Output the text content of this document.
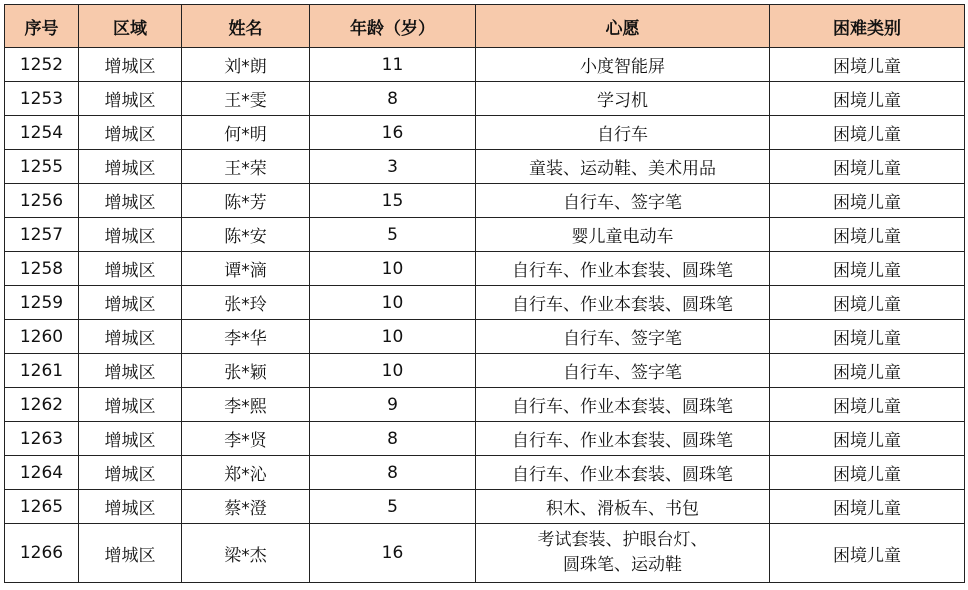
序号	区域	姓名	年龄（岁）	心愿	困难类别
1252	增城区	刘*朗	11	小度智能屏	困境儿童
1253	增城区	王*雯	8	学习机	困境儿童
1254	增城区	何*明	16	自行车	困境儿童
1255	增城区	王*荣	3	童装、运动鞋、美术用品	困境儿童
1256	增城区	陈*芳	15	自行车、签字笔	困境儿童
1257	增城区	陈*安	5	婴儿童电动车	困境儿童
1258	增城区	谭*滴	10	自行车、作业本套装、圆珠笔	困境儿童
1259	增城区	张*玲	10	自行车、作业本套装、圆珠笔	困境儿童
1260	增城区	李*华	10	自行车、签字笔	困境儿童
1261	增城区	张*颖	10	自行车、签字笔	困境儿童
1262	增城区	李*熙	9	自行车、作业本套装、圆珠笔	困境儿童
1263	增城区	李*贤	8	自行车、作业本套装、圆珠笔	困境儿童
1264	增城区	郑*沁	8	自行车、作业本套装、圆珠笔	困境儿童
1265	增城区	蔡*澄	5	积木、滑板车、书包	困境儿童
1266	增城区	梁*杰	16	考试套装、护眼台灯、
圆珠笔、运动鞋	困境儿童
